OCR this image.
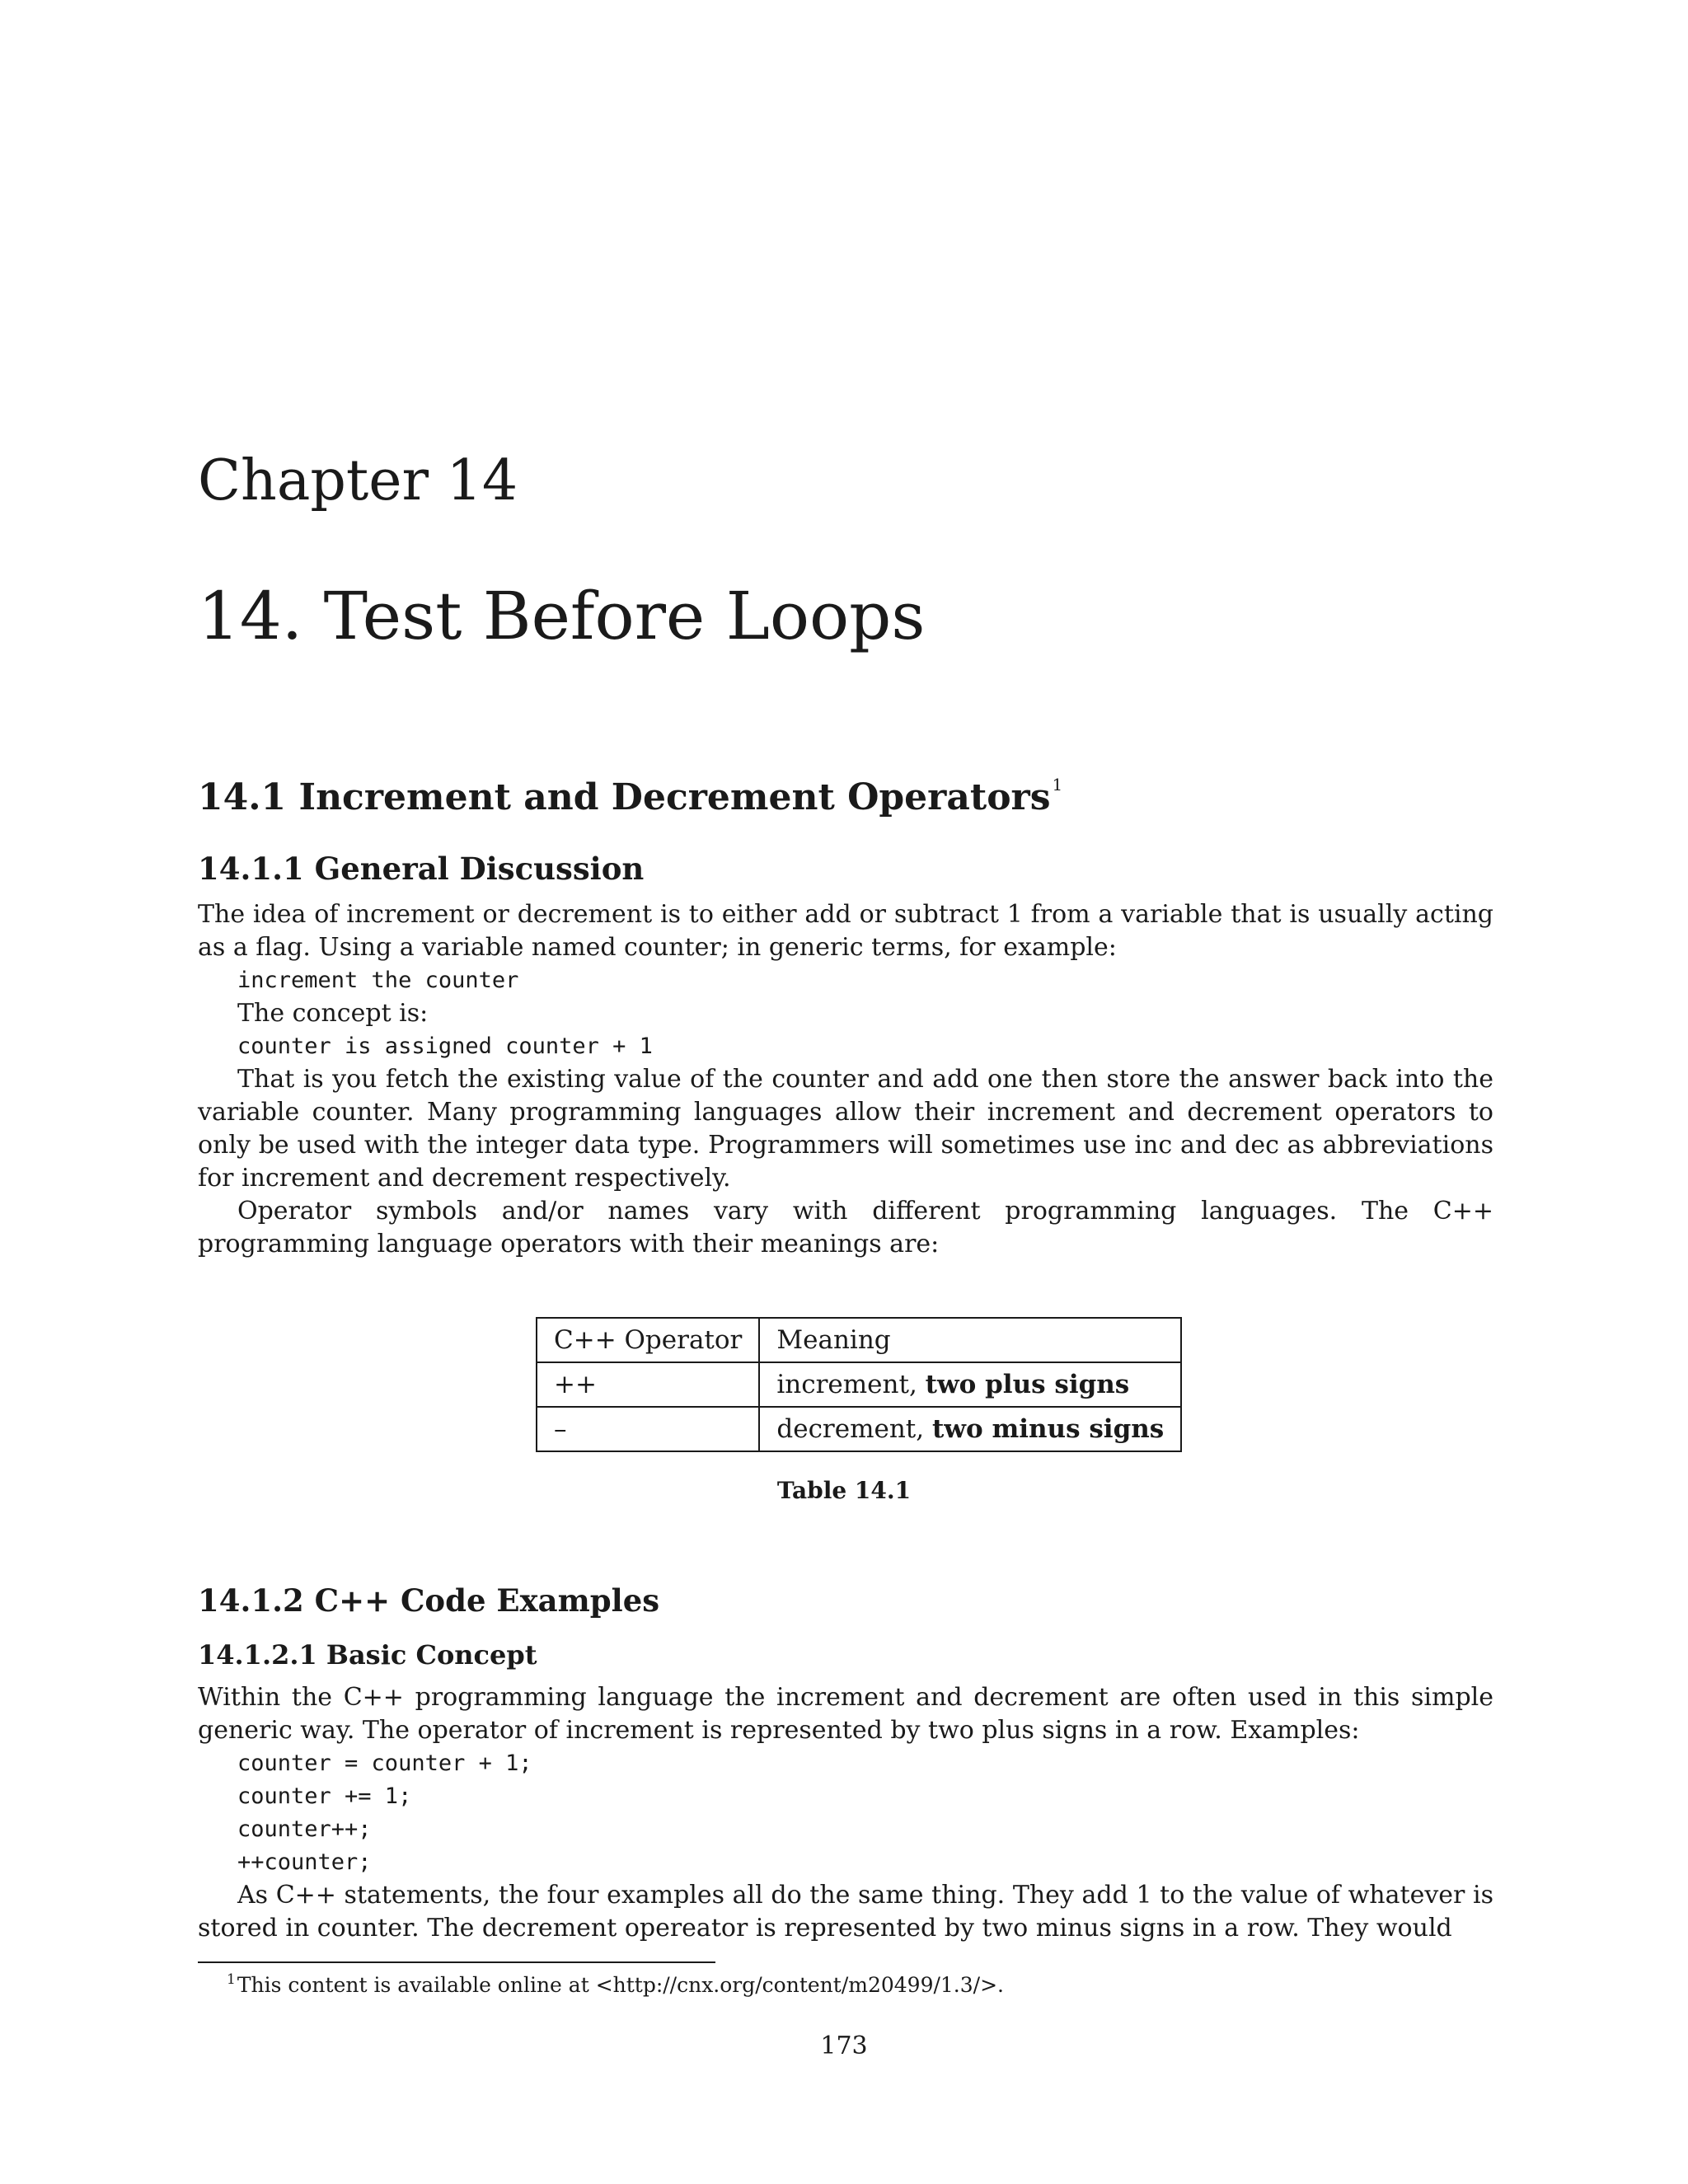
Chapter 14
14. Test Before Loops
14.1 Increment and Decrement Operators $^1$
14.1.1 General Discussion

The idea of increment or decrement is to either add or subtract 1 from a variable that is usually acting as a flag. Using a variable named counter; in generic terms, for example:

increment the counter

The concept is:

counter is assigned counter + 1

That is you fetch the existing value of the counter and add one then store the answer back into the variable counter. Many programming languages allow their increment and decrement operators to only be used with the integer data type. Programmers will sometimes use inc and dec as abbreviations for increment and decrement respectively.

Operator symbols and/or names vary with different programming languages. The C++ programming language operators with their meanings are:

C++ Operator	Meaning
++	increment, two plus signs
–	decrement, two minus signs
Table 14.1
14.1.2 C++ Code Examples
14.1.2.1 Basic Concept

Within the C++ programming language the increment and decrement are often used in this simple generic way. The operator of increment is represented by two plus signs in a row. Examples:

counter = counter + 1;
counter += 1;
counter++;
++counter;

As C++ statements, the four examples all do the same thing. They add 1 to the value of whatever is stored in counter. The decrement opereator is represented by two minus signs in a row. They would

$^1$This content is available online at <http://cnx.org/content/m20499/1.3/>.
173
